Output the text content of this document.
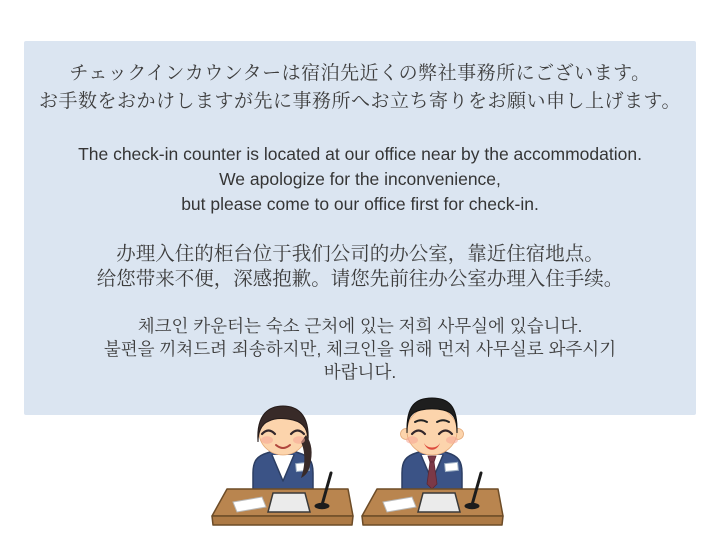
チェックインカウンターは宿泊先近くの弊社事務所にございます。
お手数をおかけしますが先に事務所へお立ち寄りをお願い申し上げます。
The check-in counter is located at our office near by the accommodation.
We apologize for the inconvenience,
but please come to our office first for check-in.
办理入住的柜台位于我们公司的办公室，靠近住宿地点。
给您带来不便，深感抱歉。请您先前往办公室办理入住手续。
체크인 카운터는 숙소 근처에 있는 저희 사무실에 있습니다.
불편을 끼쳐드려 죄송하지만, 체크인을 위해 먼저 사무실로 와주시기
바랍니다.
